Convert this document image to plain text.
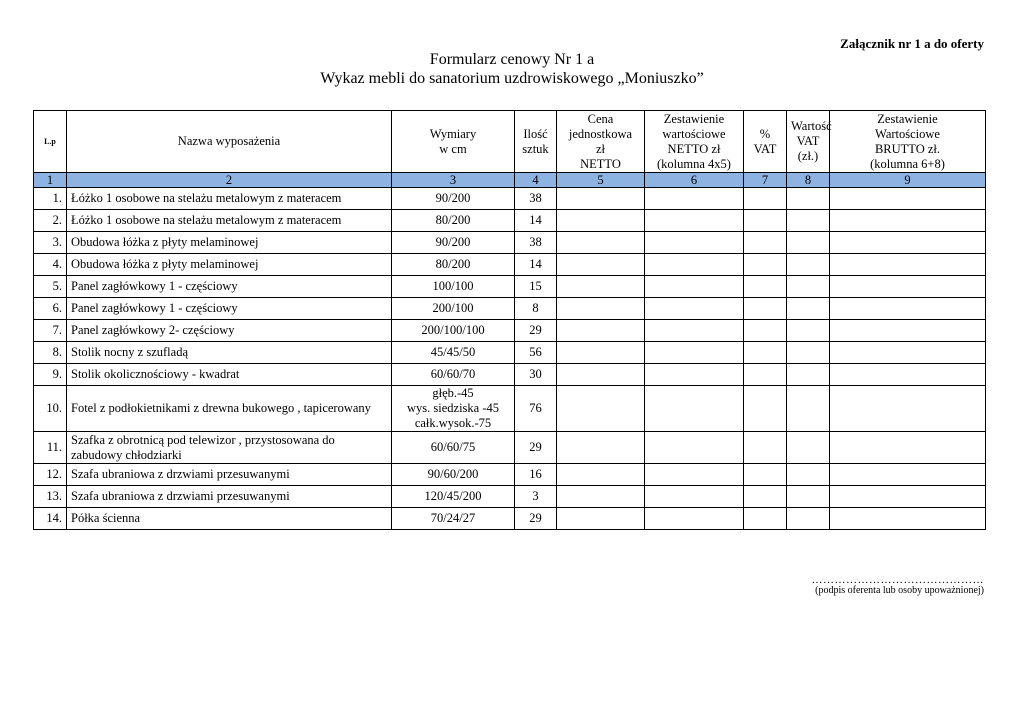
Załącznik nr 1 a do oferty
Formularz cenowy Nr 1 a
Wykaz mebli do sanatorium uzdrowiskowego „Moniuszko”
L.p	Nazwa wyposażenia	Wymiary
w cm	Ilość
sztuk	Cena
jednostkowa
zł
NETTO	Zestawienie
wartościowe
NETTO zł
(kolumna 4x5)	%
VAT	Wartość
VAT
(zł.)	Zestawienie
Wartościowe
BRUTTO zł.
(kolumna 6+8)
1	2	3	4	5	6	7	8	9
1.	Łóżko 1 osobowe na stelażu metalowym z materacem	90/200	38					
2.	Łóżko 1 osobowe na stelażu metalowym z materacem	80/200	14					
3.	Obudowa łóżka z płyty melaminowej	90/200	38					
4.	Obudowa łóżka z płyty melaminowej	80/200	14					
5.	Panel zagłówkowy 1 - częściowy	100/100	15					
6.	Panel zagłówkowy 1 - częściowy	200/100	8					
7.	Panel zagłówkowy 2- częściowy	200/100/100	29					
8.	Stolik nocny z szufladą	45/45/50	56					
9.	Stolik okolicznościowy - kwadrat	60/60/70	30					
10.	Fotel z podłokietnikami z drewna bukowego , tapicerowany	głęb.-45
wys. siedziska -45
całk.wysok.-75	76					
11.	Szafka z obrotnicą pod telewizor , przystosowana do zabudowy chłodziarki	60/60/75	29					
12.	Szafa ubraniowa z drzwiami przesuwanymi	90/60/200	16					
13.	Szafa ubraniowa z drzwiami przesuwanymi	120/45/200	3					
14.	Półka ścienna	70/24/27	29					
………………………………………
(podpis oferenta lub osoby upoważnionej)
